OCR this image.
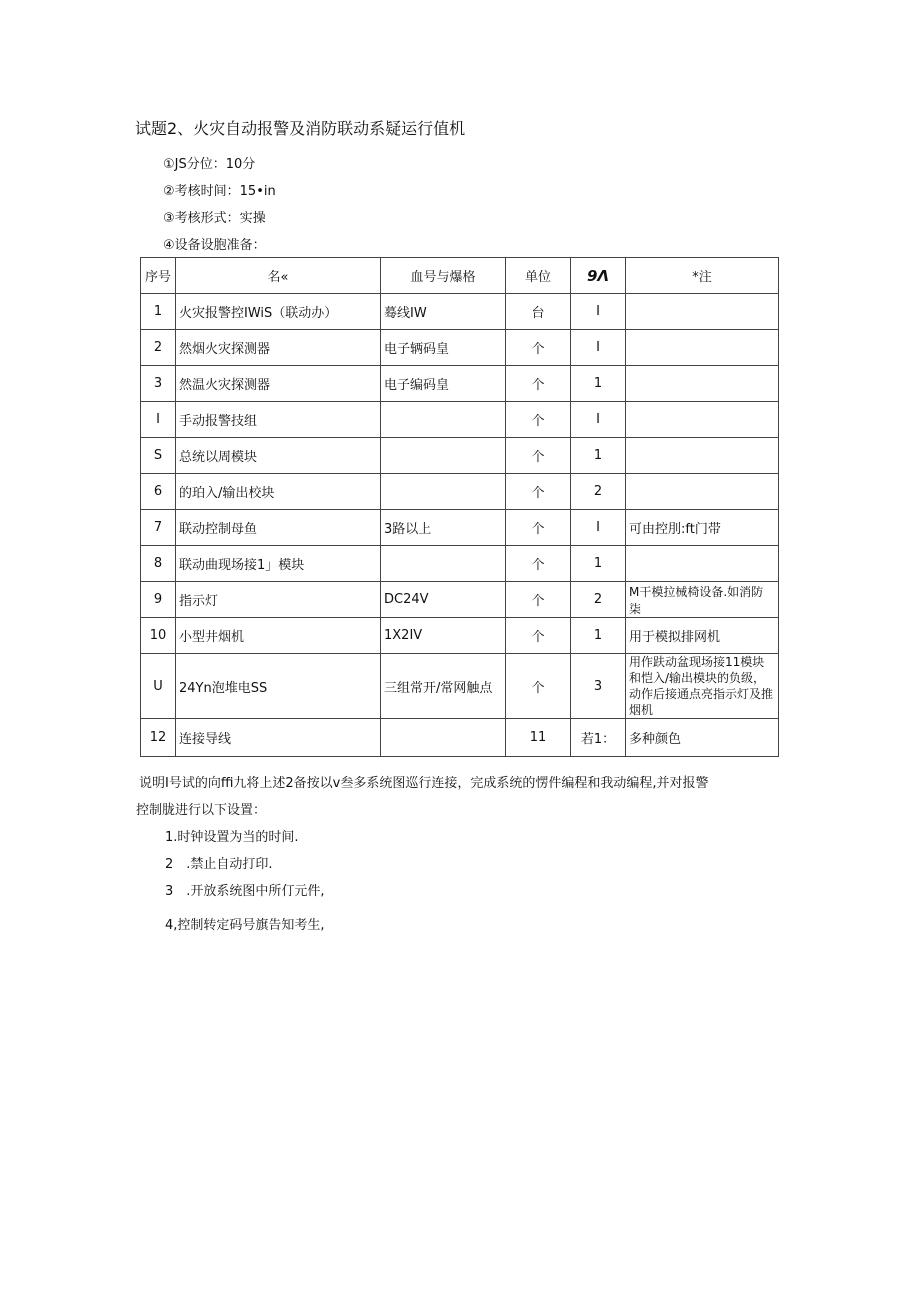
试题2、火灾自动报警及消防联动系疑运行值机
①JS分位：10分
②考核时间：15•in
③考核形式：实操
④设备设胞准备：
序号	名«	血号与爆格	单位	9Λ	*注
1	火灾报警控IWiS（联动办）	蓦线IW	台	I	
2	然烟火灾探测器	电子辆码皇	个	I	
3	然温火灾探测器	电子编码皇	个	1	
I	手动报警技组		个	I	
S	总统以周模块		个	1	
6	的珀入/输出校块		个	2	
7	联动控制母鱼	3路以上	个	I	可由控刖:ft门带
8	联动曲现场接1」模块		个	1	
9	指示灯	DC24V	个	2	M干模拉械椅设备.如消防柒
10	小型井烟机	1X2IV	个	1	用于模拟排网机
U	24Yn泡堆电SS	三组常开/常网触点	个	3	用作趺动盆现场接11模块和恺入/输出模块的负级，动作后接通点亮指示灯及推烟机
12	连接导线		11	若1：	多种颜色
说明I号试的向ffi九将上述2备按以v叁多系统图巡行连接，完成系统的愣件编程和我动编程,并对报警
控制胧进行以下设置：
1.时钟设置为当的时间.
2　.禁止自动打印.
3　.开放系统图中所仃元件,
4,控制转定码号旗告知考生,
